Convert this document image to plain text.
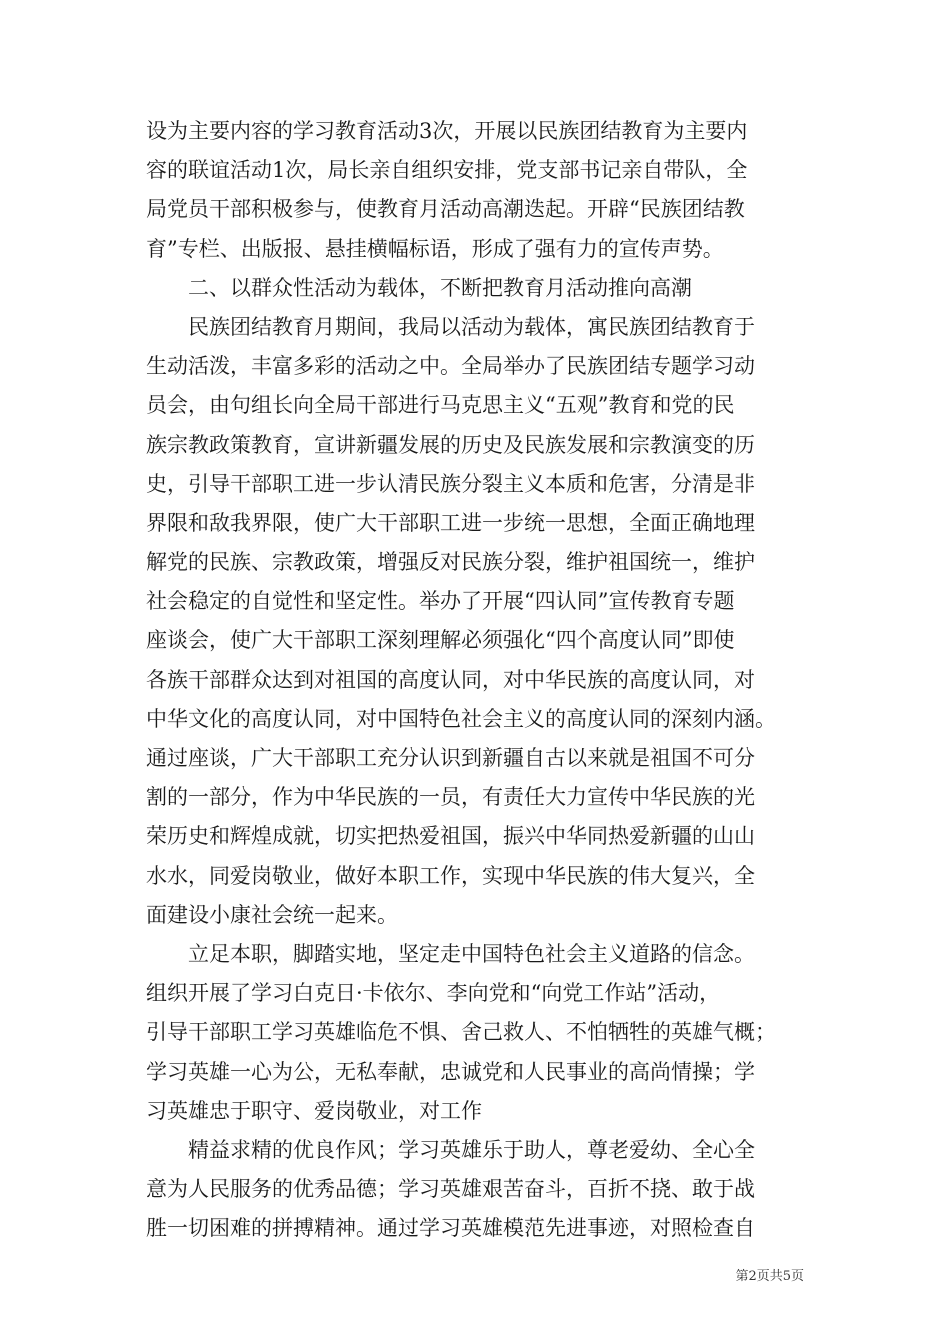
设为主要内容的学习教育活动3次，开展以民族团结教育为主要内
容的联谊活动1次，局长亲自组织安排，党支部书记亲自带队，全
局党员干部积极参与，使教育月活动高潮迭起。开辟“民族团结教
育”专栏、出版报、悬挂横幅标语，形成了强有力的宣传声势。
二、以群众性活动为载体，不断把教育月活动推向高潮
民族团结教育月期间，我局以活动为载体，寓民族团结教育于
生动活泼，丰富多彩的活动之中。全局举办了民族团结专题学习动
员会，由句组长向全局干部进行马克思主义“五观”教育和党的民
族宗教政策教育，宣讲新疆发展的历史及民族发展和宗教演变的历
史，引导干部职工进一步认清民族分裂主义本质和危害，分清是非
界限和敌我界限，使广大干部职工进一步统一思想，全面正确地理
解党的民族、宗教政策，增强反对民族分裂，维护祖国统一，维护
社会稳定的自觉性和坚定性。举办了开展“四认同”宣传教育专题
座谈会，使广大干部职工深刻理解必须强化“四个高度认同”即使
各族干部群众达到对祖国的高度认同，对中华民族的高度认同，对
中华文化的高度认同，对中国特色社会主义的高度认同的深刻内涵。
通过座谈，广大干部职工充分认识到新疆自古以来就是祖国不可分
割的一部分，作为中华民族的一员，有责任大力宣传中华民族的光
荣历史和辉煌成就，切实把热爱祖国，振兴中华同热爱新疆的山山
水水，同爱岗敬业，做好本职工作，实现中华民族的伟大复兴，全
面建设小康社会统一起来。
立足本职，脚踏实地，坚定走中国特色社会主义道路的信念。
组织开展了学习白克日·卡依尔、李向党和“向党工作站”活动，
引导干部职工学习英雄临危不惧、舍己救人、不怕牺牲的英雄气概；
学习英雄一心为公，无私奉献，忠诚党和人民事业的高尚情操；学
习英雄忠于职守、爱岗敬业，对工作
精益求精的优良作风；学习英雄乐于助人，尊老爱幼、全心全
意为人民服务的优秀品德；学习英雄艰苦奋斗，百折不挠、敢于战
胜一切困难的拼搏精神。通过学习英雄模范先进事迹，对照检查自
第2页共5页
